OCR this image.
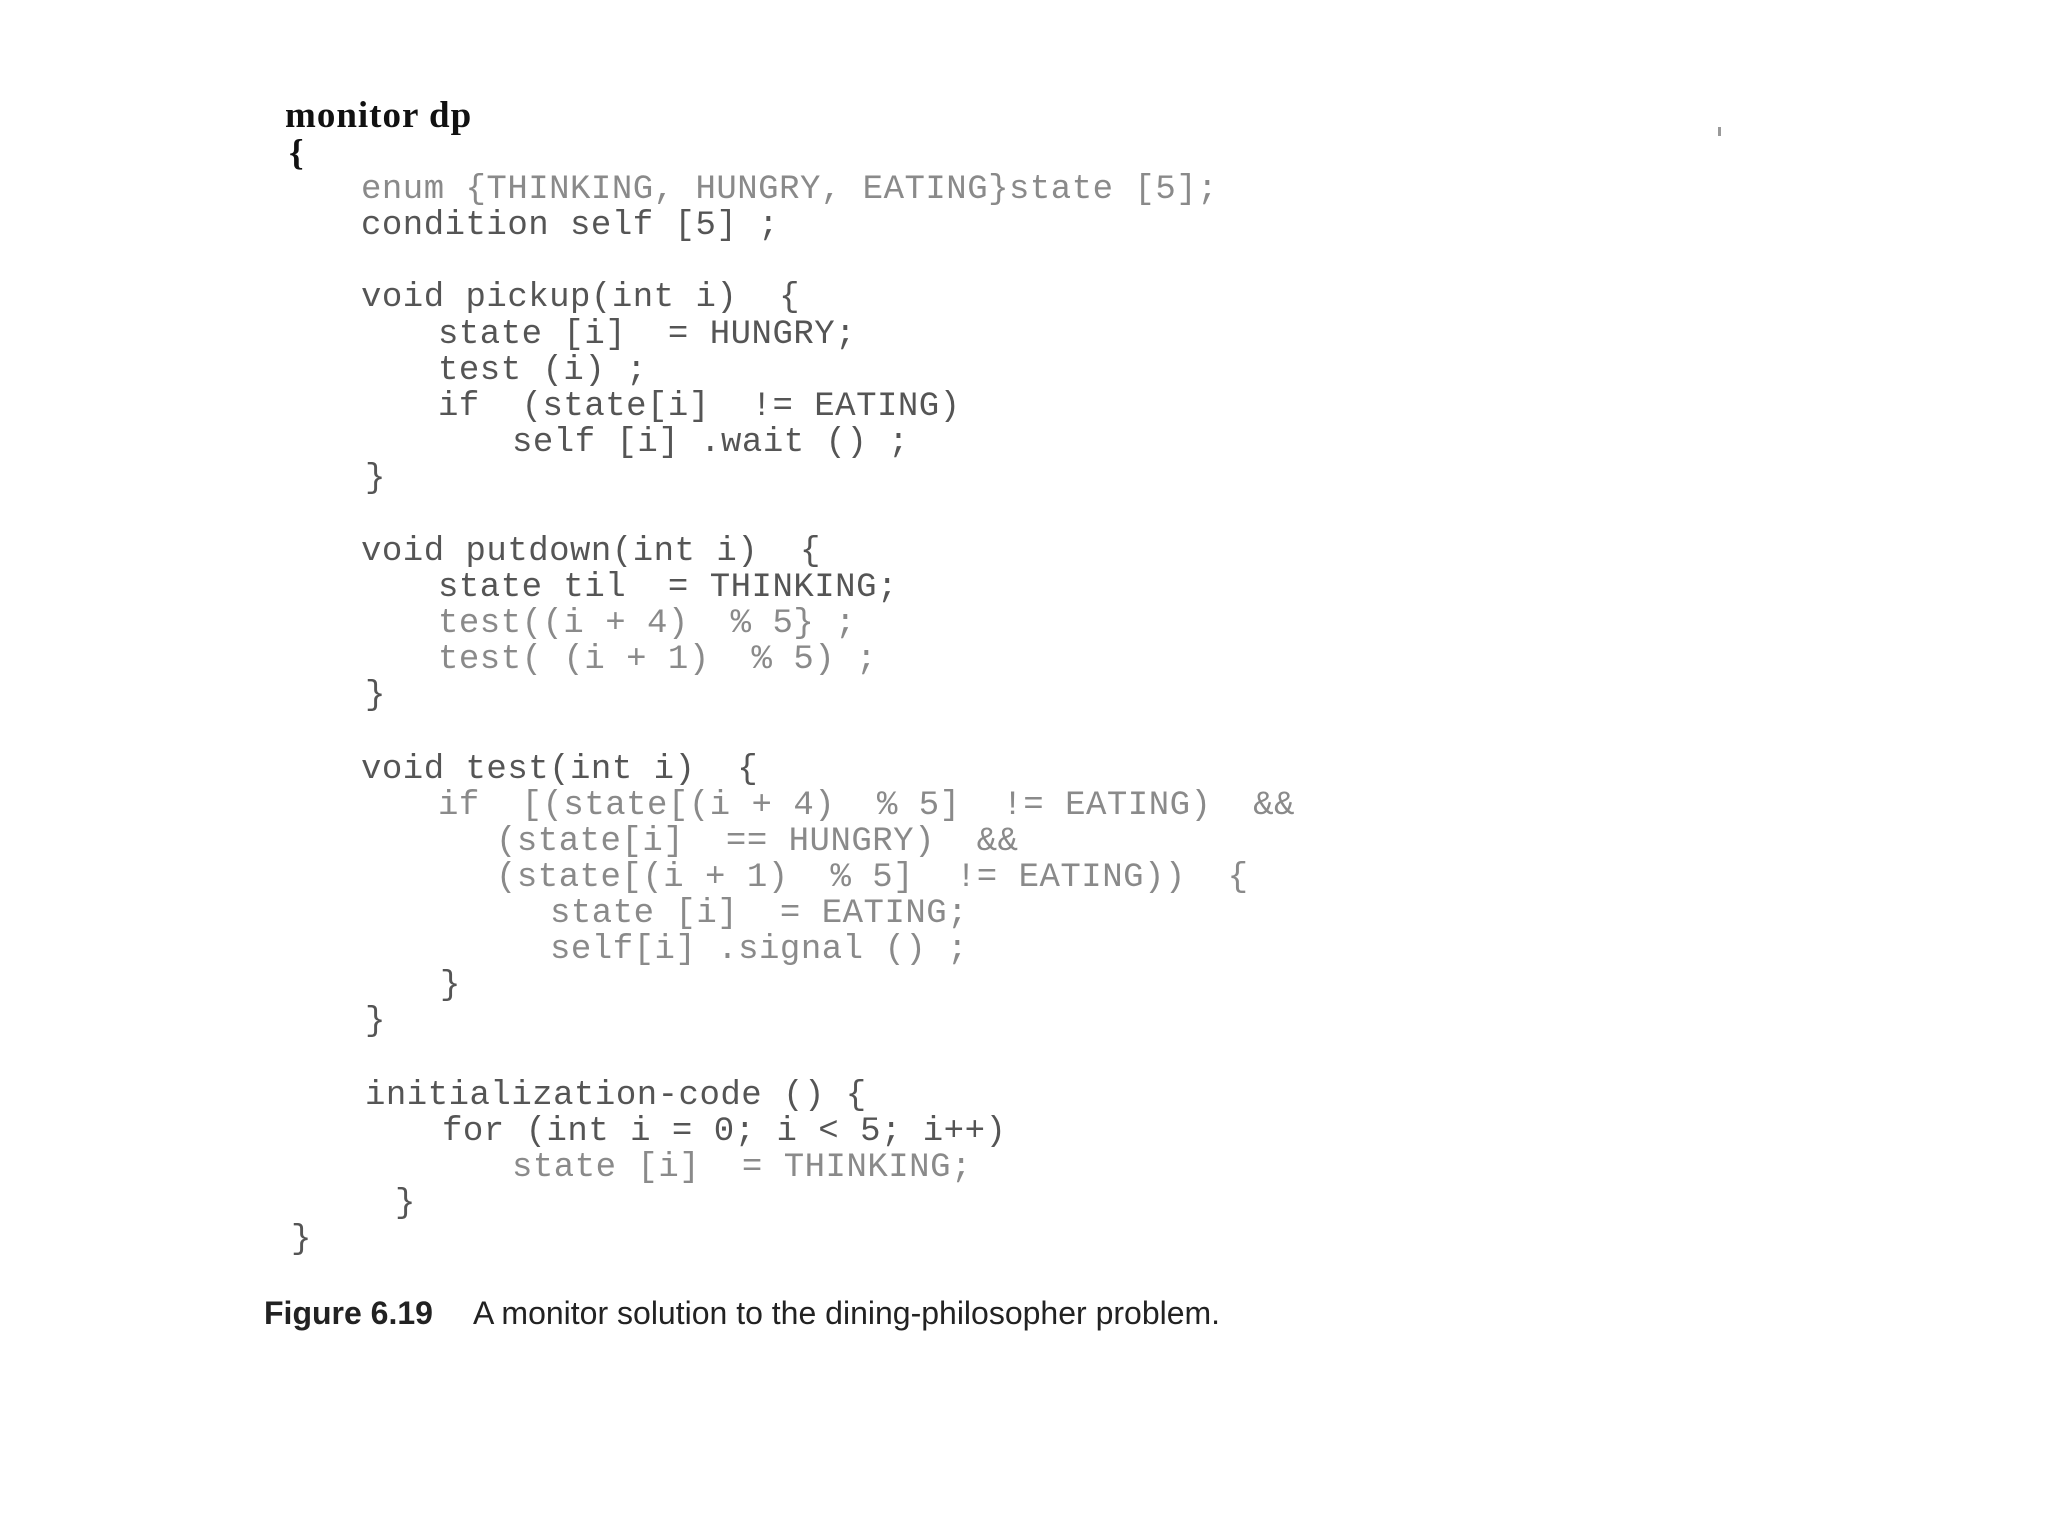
monitor dp
{
enum {THINKING, HUNGRY, EATING}state [5];
condition self [5] ;
void pickup(int i)  {
state [i]  = HUNGRY;
test (i) ;
if  (state[i]  != EATING)
self [i] .wait () ;
}
void putdown(int i)  {
state til  = THINKING;
test((i + 4)  % 5} ;
test( (i + 1)  % 5) ;
}
void test(int i)  {
if  [(state[(i + 4)  % 5]  != EATING)  &&
(state[i]  == HUNGRY)  &&
(state[(i + 1)  % 5]  != EATING))  {
state [i]  = EATING;
self[i] .signal () ;
}
}
initialization-code () {
for (int i = 0; i < 5; i++)
state [i]  = THINKING;
}
}
Figure 6.19 A monitor solution to the dining-philosopher problem.
